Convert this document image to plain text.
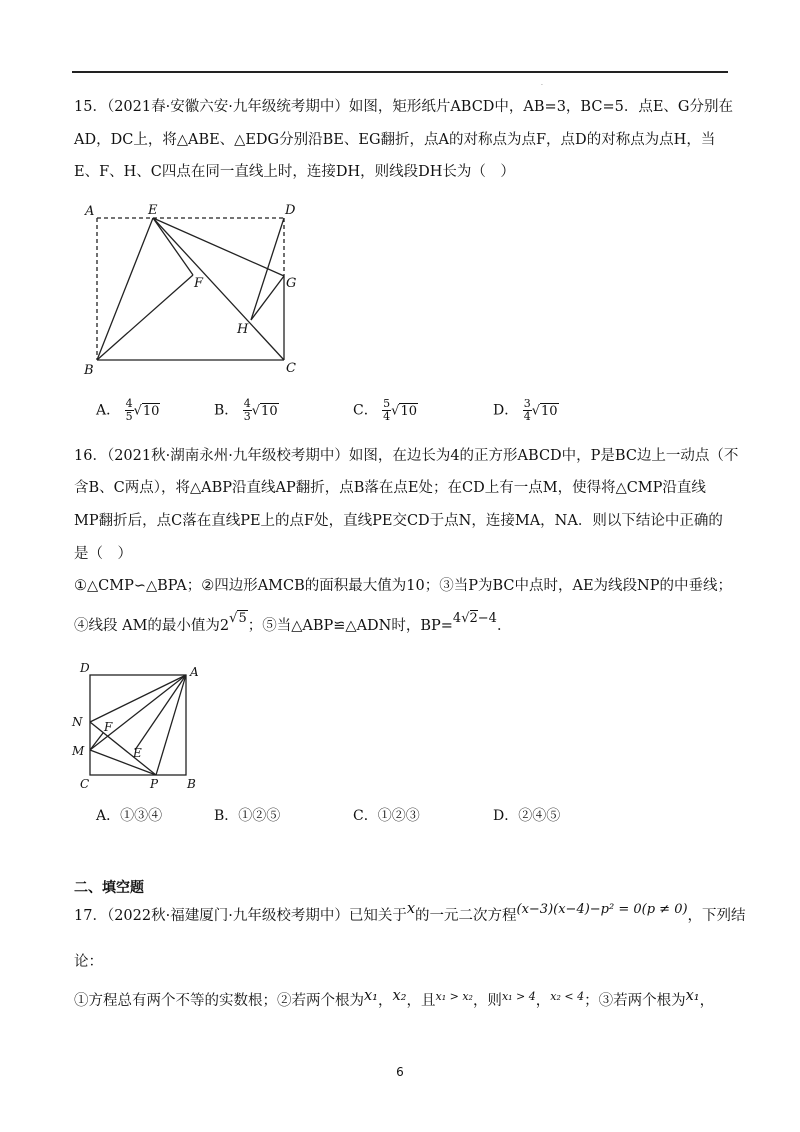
.
15．（2021春·安徽六安·九年级统考期中）如图，矩形纸片ABCD中，AB=3，BC=5．点E、G分别在
AD，DC上，将△ABE、△EDG分别沿BE、EG翻折，点A的对称点为点F，点D的对称点为点H，当
E、F、H、C四点在同一直线上时，连接DH，则线段DH长为（　）
A	E	D
F	G
H
B	C
A． $\frac{4}{5} √10$	B． $\frac{4}{3} √10$	C． $\frac{5}{4} √10$	D． $\frac{3}{4} √10$
16．（2021秋·湖南永州·九年级校考期中）如图，在边长为4的正方形ABCD中，P是BC边上一动点（不
含B、C两点），将△ABP沿直线AP翻折，点B落在点E处；在CD上有一点M，使得将△CMP沿直线
MP翻折后，点C落在直线PE上的点F处，直线PE交CD于点N，连接MA，NA．则以下结论中正确的
是（　）
①△CMP∽△BPA；②四边形AMCB的面积最大值为10；③当P为BC中点时，AE为线段NP的中垂线；
④线段 AM的最小值为2√5；⑤当△ABP≌△ADN时，BP=4√2−4．
D	A
N F
M	E
C	P B
A．①③④	B．①②⑤	C．①②③	D．②④⑤
二、填空题
17．（2022秋·福建厦门·九年级校考期中）已知关于x的一元二次方程(x−3)(x−4)−p² = 0(p ≠ 0)，下列结
论：
①方程总有两个不等的实数根；②若两个根为x₁，x₂，且$^{x_1 > x_2}$，则$^{x_1 > 4}$，$^{x_2 < 4}$；③若两个根为x₁，
6
